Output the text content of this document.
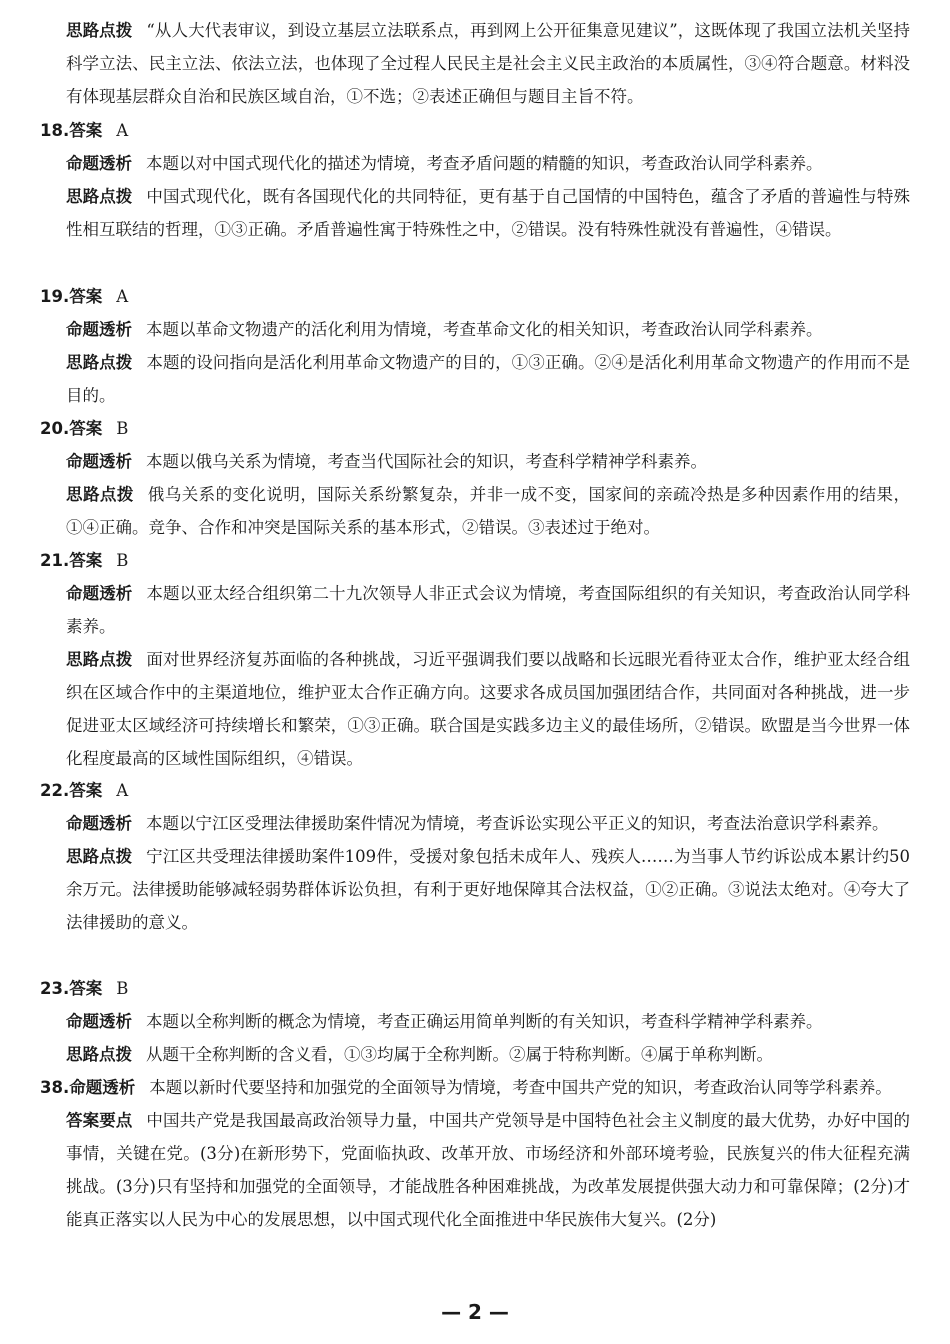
思路点拨 “从人大代表审议，到设立基层立法联系点，再到网上公开征集意见建议”，这既体现了我国立法机关坚持科学立法、民主立法、依法立法，也体现了全过程人民民主是社会主义民主政治的本质属性，③④符合题意。材料没有体现基层群众自治和民族区域自治，①不选；②表述正确但与题目主旨不符。

18.答案 A

命题透析 本题以对中国式现代化的描述为情境，考查矛盾问题的精髓的知识，考查政治认同学科素养。

思路点拨 中国式现代化，既有各国现代化的共同特征，更有基于自己国情的中国特色，蕴含了矛盾的普遍性与特殊性相互联结的哲理，①③正确。矛盾普遍性寓于特殊性之中，②错误。没有特殊性就没有普遍性，④错误。

19.答案 A

命题透析 本题以革命文物遗产的活化利用为情境，考查革命文化的相关知识，考查政治认同学科素养。

思路点拨 本题的设问指向是活化利用革命文物遗产的目的，①③正确。②④是活化利用革命文物遗产的作用而不是目的。

20.答案 B

命题透析 本题以俄乌关系为情境，考查当代国际社会的知识，考查科学精神学科素养。

思路点拨 俄乌关系的变化说明，国际关系纷繁复杂，并非一成不变，国家间的亲疏冷热是多种因素作用的结果，①④正确。竞争、合作和冲突是国际关系的基本形式，②错误。③表述过于绝对。

21.答案 B

命题透析 本题以亚太经合组织第二十九次领导人非正式会议为情境，考查国际组织的有关知识，考查政治认同学科素养。

思路点拨 面对世界经济复苏面临的各种挑战，习近平强调我们要以战略和长远眼光看待亚太合作，维护亚太经合组织在区域合作中的主渠道地位，维护亚太合作正确方向。这要求各成员国加强团结合作，共同面对各种挑战，进一步促进亚太区域经济可持续增长和繁荣，①③正确。联合国是实践多边主义的最佳场所，②错误。欧盟是当今世界一体化程度最高的区域性国际组织，④错误。

22.答案 A

命题透析 本题以宁江区受理法律援助案件情况为情境，考查诉讼实现公平正义的知识，考查法治意识学科素养。

思路点拨 宁江区共受理法律援助案件109件，受援对象包括未成年人、残疾人……为当事人节约诉讼成本累计约50余万元。法律援助能够减轻弱势群体诉讼负担，有利于更好地保障其合法权益，①②正确。③说法太绝对。④夸大了法律援助的意义。

23.答案 B

命题透析 本题以全称判断的概念为情境，考查正确运用简单判断的有关知识，考查科学精神学科素养。

思路点拨 从题干全称判断的含义看，①③均属于全称判断。②属于特称判断。④属于单称判断。

38.命题透析 本题以新时代要坚持和加强党的全面领导为情境，考查中国共产党的知识，考查政治认同等学科素养。

答案要点 中国共产党是我国最高政治领导力量，中国共产党领导是中国特色社会主义制度的最大优势，办好中国的事情，关键在党。(3分)在新形势下，党面临执政、改革开放、市场经济和外部环境考验，民族复兴的伟大征程充满挑战。(3分)只有坚持和加强党的全面领导，才能战胜各种困难挑战，为改革发展提供强大动力和可靠保障；(2分)才能真正落实以人民为中心的发展思想，以中国式现代化全面推进中华民族伟大复兴。(2分)

— 2 —
